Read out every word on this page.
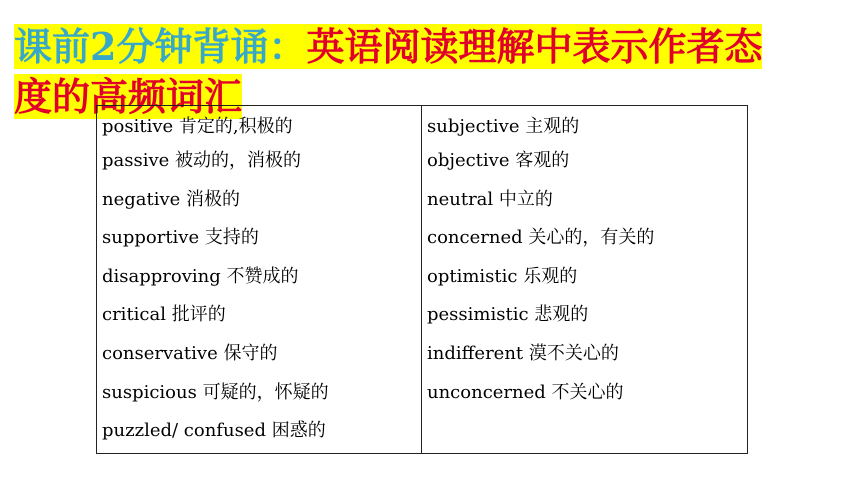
课前2分钟背诵：英语阅读理解中表示作者态
度的高频词汇
positive 肯定的,积极的
passive 被动的，消极的
negative 消极的
supportive 支持的
disapproving 不赞成的
critical 批评的
conservative 保守的
suspicious 可疑的，怀疑的
puzzled/ confused 困惑的
subjective 主观的
objective 客观的
neutral 中立的
concerned 关心的，有关的
optimistic 乐观的
pessimistic 悲观的
indifferent 漠不关心的
unconcerned 不关心的
